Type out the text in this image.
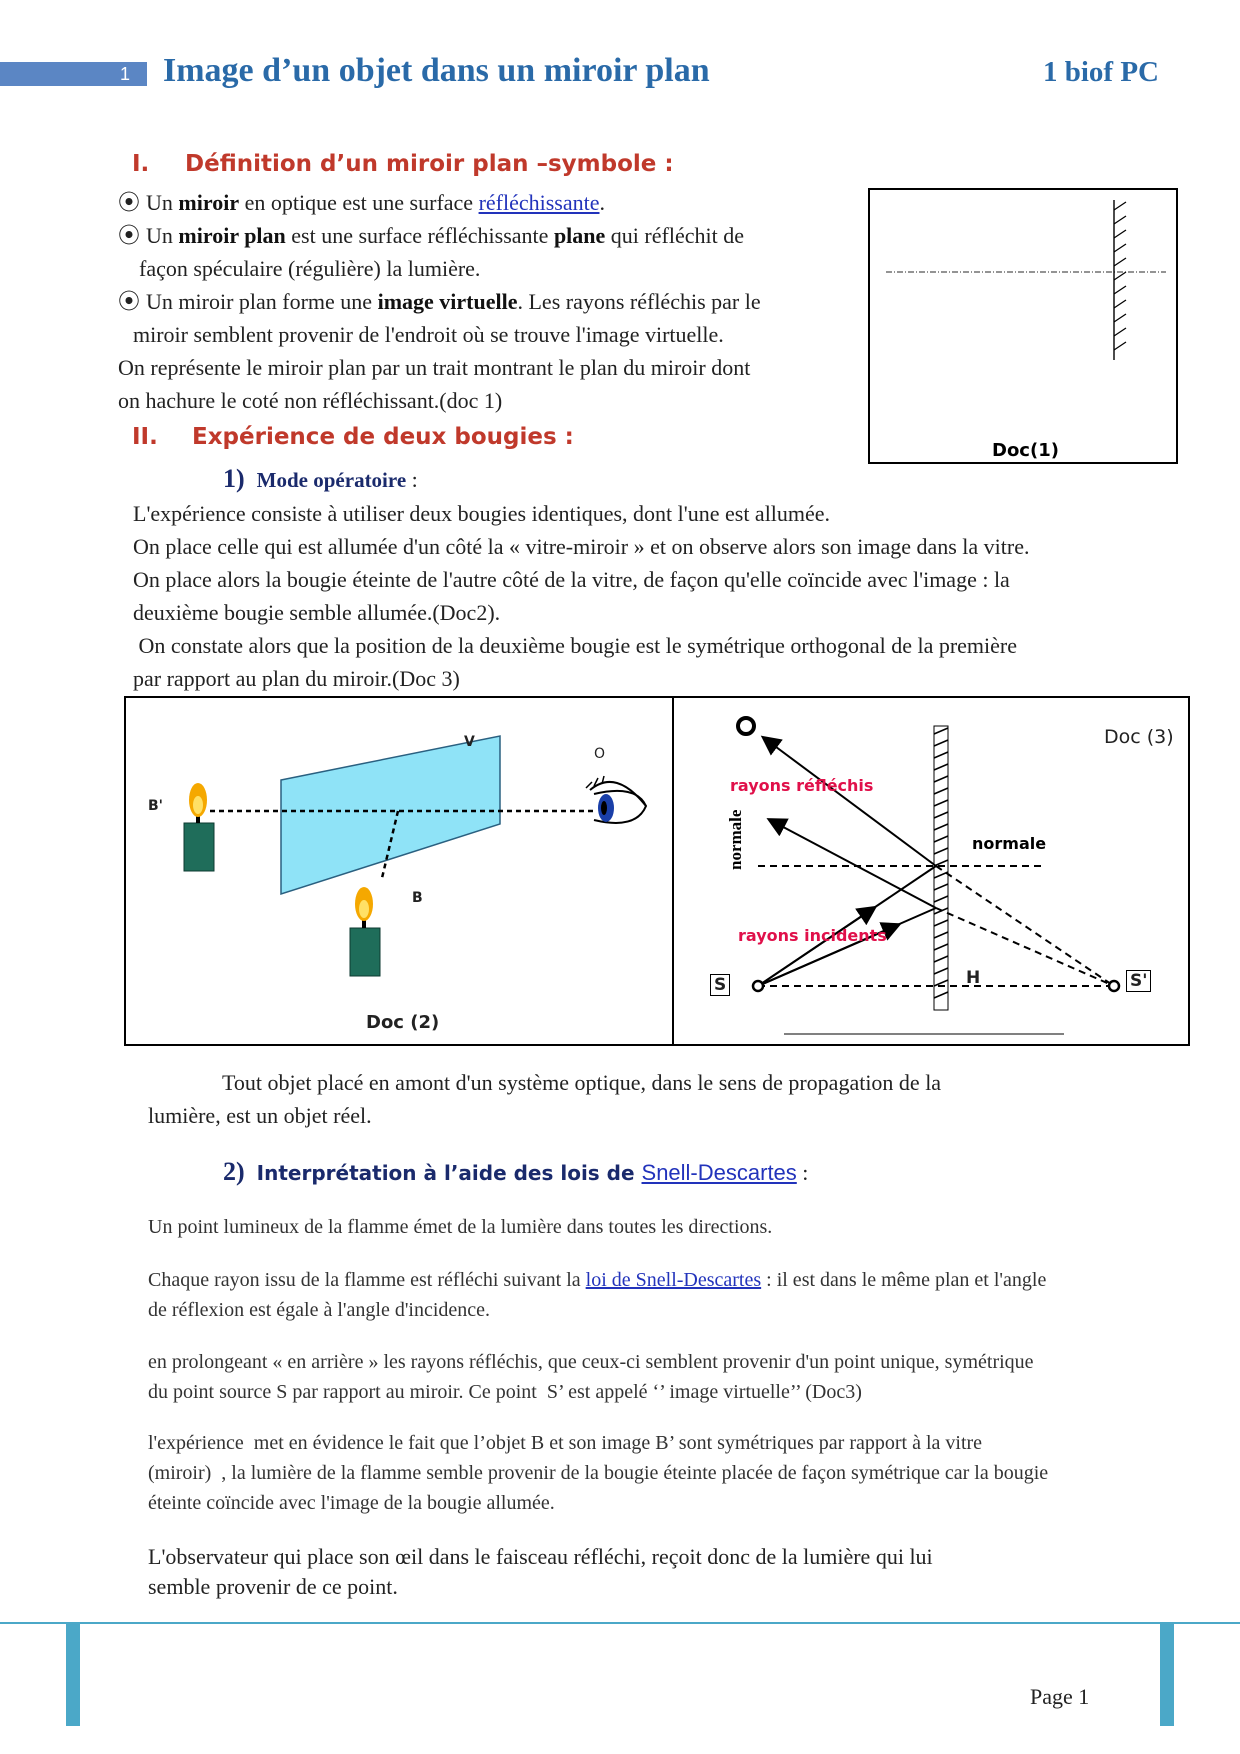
1 Image d’un objet dans un miroir plan	1 biof PC
I. Définition d’un miroir plan –symbole :
⦿ Un miroir en optique est une surface réfléchissante.
⦿ Un miroir plan est une surface réfléchissante plane qui réfléchit de
façon spéculaire (régulière) la lumière.
⦿ Un miroir plan forme une image virtuelle. Les rayons réfléchis par le
miroir semblent provenir de l'endroit où se trouve l'image virtuelle.
On représente le miroir plan par un trait montrant le plan du miroir dont
on hachure le coté non réfléchissant.(doc 1)
Doc(1)
II. Expérience de deux bougies :
1) Mode opératoire :
L'expérience consiste à utiliser deux bougies identiques, dont l'une est allumée.
On place celle qui est allumée d'un côté la « vitre-miroir » et on observe alors son image dans la vitre.
On place alors la bougie éteinte de l'autre côté de la vitre, de façon qu'elle coïncide avec l'image : la
deuxième bougie semble allumée.(Doc2).
On constate alors que la position de la deuxième bougie est le symétrique orthogonal de la première
par rapport au plan du miroir.(Doc 3)
V
O
B'
B
Doc (2)
Doc (3)
rayons réfléchis
normale
normale
rayons incidents
S	H	S'
Tout objet placé en amont d'un système optique, dans le sens de propagation de la
lumière, est un objet réel.
2) Interprétation à l’aide des lois de Snell-Descartes :
Un point lumineux de la flamme émet de la lumière dans toutes les directions.
Chaque rayon issu de la flamme est réfléchi suivant la loi de Snell-Descartes : il est dans le même plan et l'angle
de réflexion est égale à l'angle d'incidence.
en prolongeant « en arrière » les rayons réfléchis, que ceux-ci semblent provenir d'un point unique, symétrique
du point source S par rapport au miroir. Ce point  S’ est appelé ‘’ image virtuelle’’ (Doc3)
l'expérience  met en évidence le fait que l’objet B et son image B’ sont symétriques par rapport à la vitre
(miroir)  , la lumière de la flamme semble provenir de la bougie éteinte placée de façon symétrique car la bougie
éteinte coïncide avec l'image de la bougie allumée.
L'observateur qui place son œil dans le faisceau réfléchi, reçoit donc de la lumière qui lui
semble provenir de ce point.
Page 1
